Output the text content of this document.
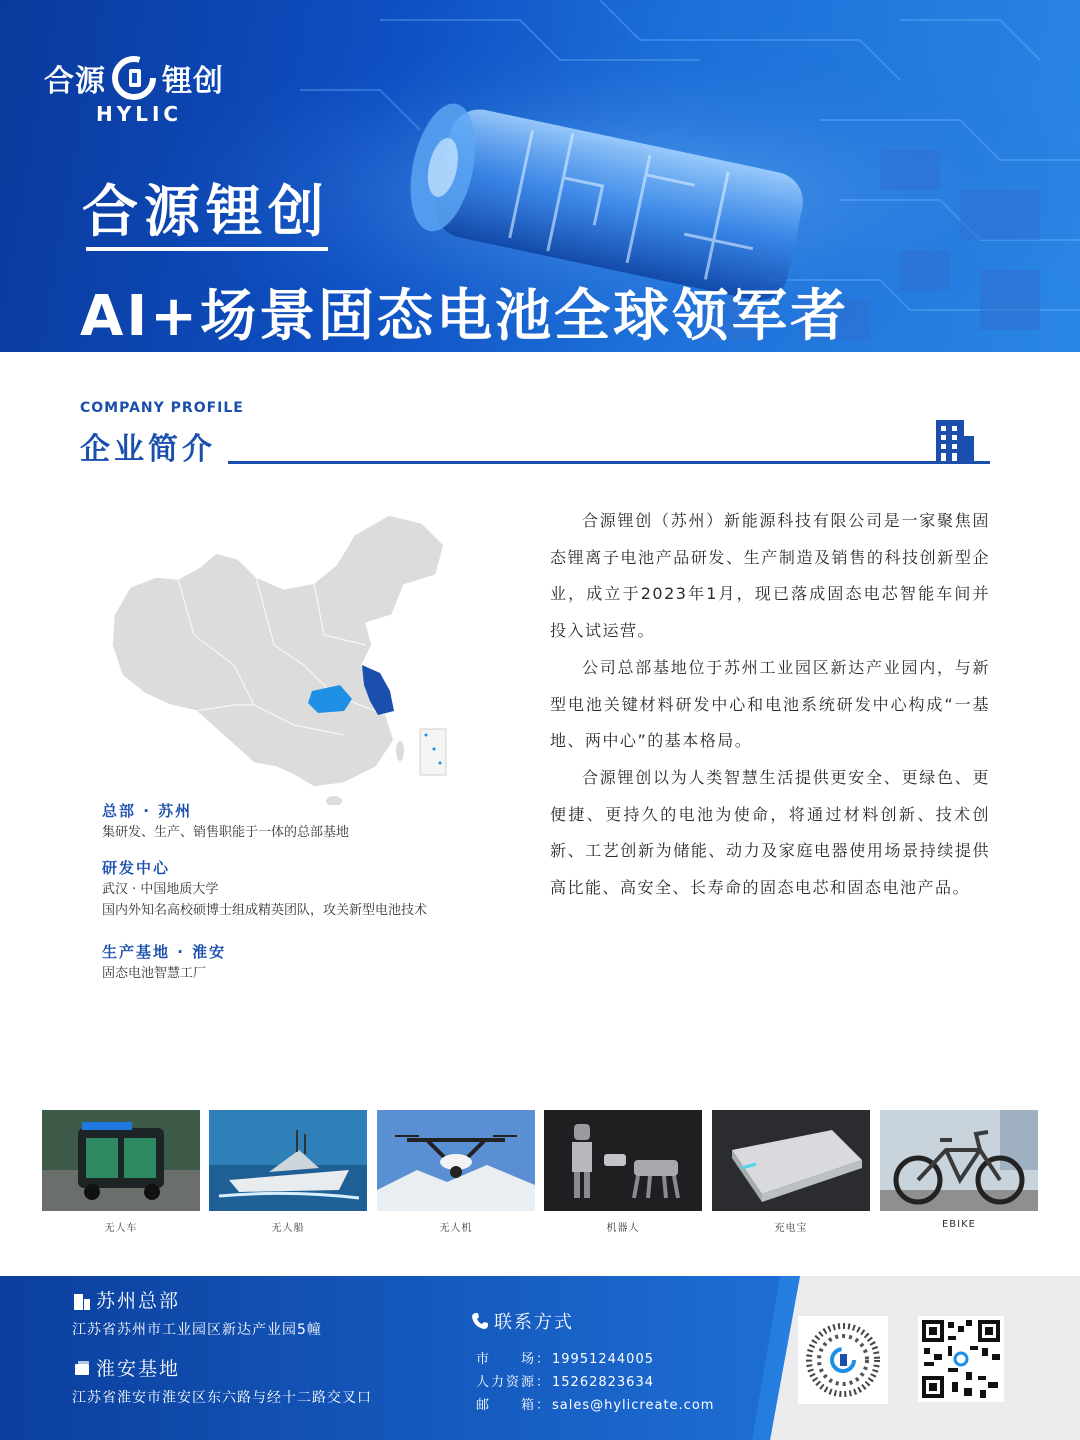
合源 锂创
HYLIC
合源锂创
AI+场景固态电池全球领军者
COMPANY PROFILE
企业简介
总部 · 苏州
集研发、生产、销售职能于一体的总部基地
研发中心
武汉 · 中国地质大学
国内外知名高校硕博士组成精英团队，攻关新型电池技术
生产基地 · 淮安
固态电池智慧工厂

合源锂创（苏州）新能源科技有限公司是一家聚焦固态锂离子电池产品研发、生产制造及销售的科技创新型企业，成立于2023年1月，现已落成固态电芯智能车间并投入试运营。

公司总部基地位于苏州工业园区新达产业园内，与新型电池关键材料研发中心和电池系统研发中心构成“一基地、两中心”的基本格局。

合源锂创以为人类智慧生活提供更安全、更绿色、更便捷、更持久的电池为使命，将通过材料创新、技术创新、工艺创新为储能、动力及家庭电器使用场景持续提供高比能、高安全、长寿命的固态电芯和固态电池产品。

无人车	无人船	无人机	机器人	充电宝	EBIKE
苏州总部
江苏省苏州市工业园区新达产业园5幢
淮安基地
江苏省淮安市淮安区东六路与经十二路交叉口
联系方式
市　　场： 19951244005
人力资源： 15262823634
邮　　箱： sales@hylicreate.com
